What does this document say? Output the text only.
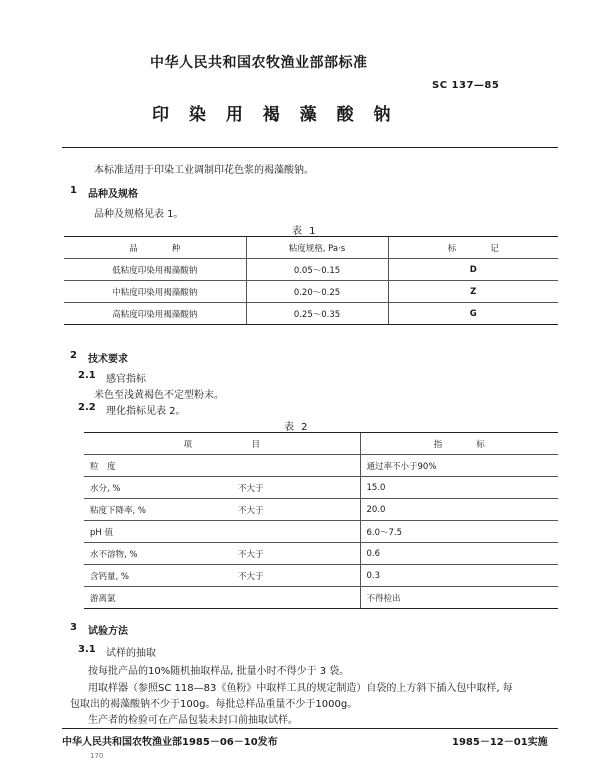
中华人民共和国农牧渔业部部标准
SC 137—85
印 染 用 褐 藻 酸 钠
本标准适用于印染工业调制印花色浆的褐藻酸钠。
1 品种及规格
品种及规格见表 1。
表 1
品　　　　种	粘度规格, Pa·s	标　　　　记
低粘度印染用褐藻酸钠	0.05～0.15	D
中粘度印染用褐藻酸钠	0.20～0.25	Z
高粘度印染用褐藻酸钠	0.25～0.35	G
2 技术要求
2.1 感官指标
米色至浅黄褐色不定型粉末。
2.2 理化指标见表 2。
表 2
项　　　　　　　目		指　　　　标
粒　度		通过率不小于90%
水分, %	不大于	15.0
粘度下降率, %	不大于	20.0
pH 值		6.0～7.5
水不溶物, %	不大于	0.6
含钙量, %	不大于	0.3
游离氯		不得检出
3 试验方法
3.1 试样的抽取
按每批产品的10%随机抽取样品, 批量小时不得少于 3 袋。
用取样器（参照SC 118—83《鱼粉》中取样工具的规定制造）自袋的上方斜下插入包中取样, 每
包取出的褐藻酸钠不少于100g。每批总样品重量不少于1000g。
生产者的检验可在产品包装未封口前抽取试样。
中华人民共和国农牧渔业部1985－06－10发布	1985－12－01实施
170
